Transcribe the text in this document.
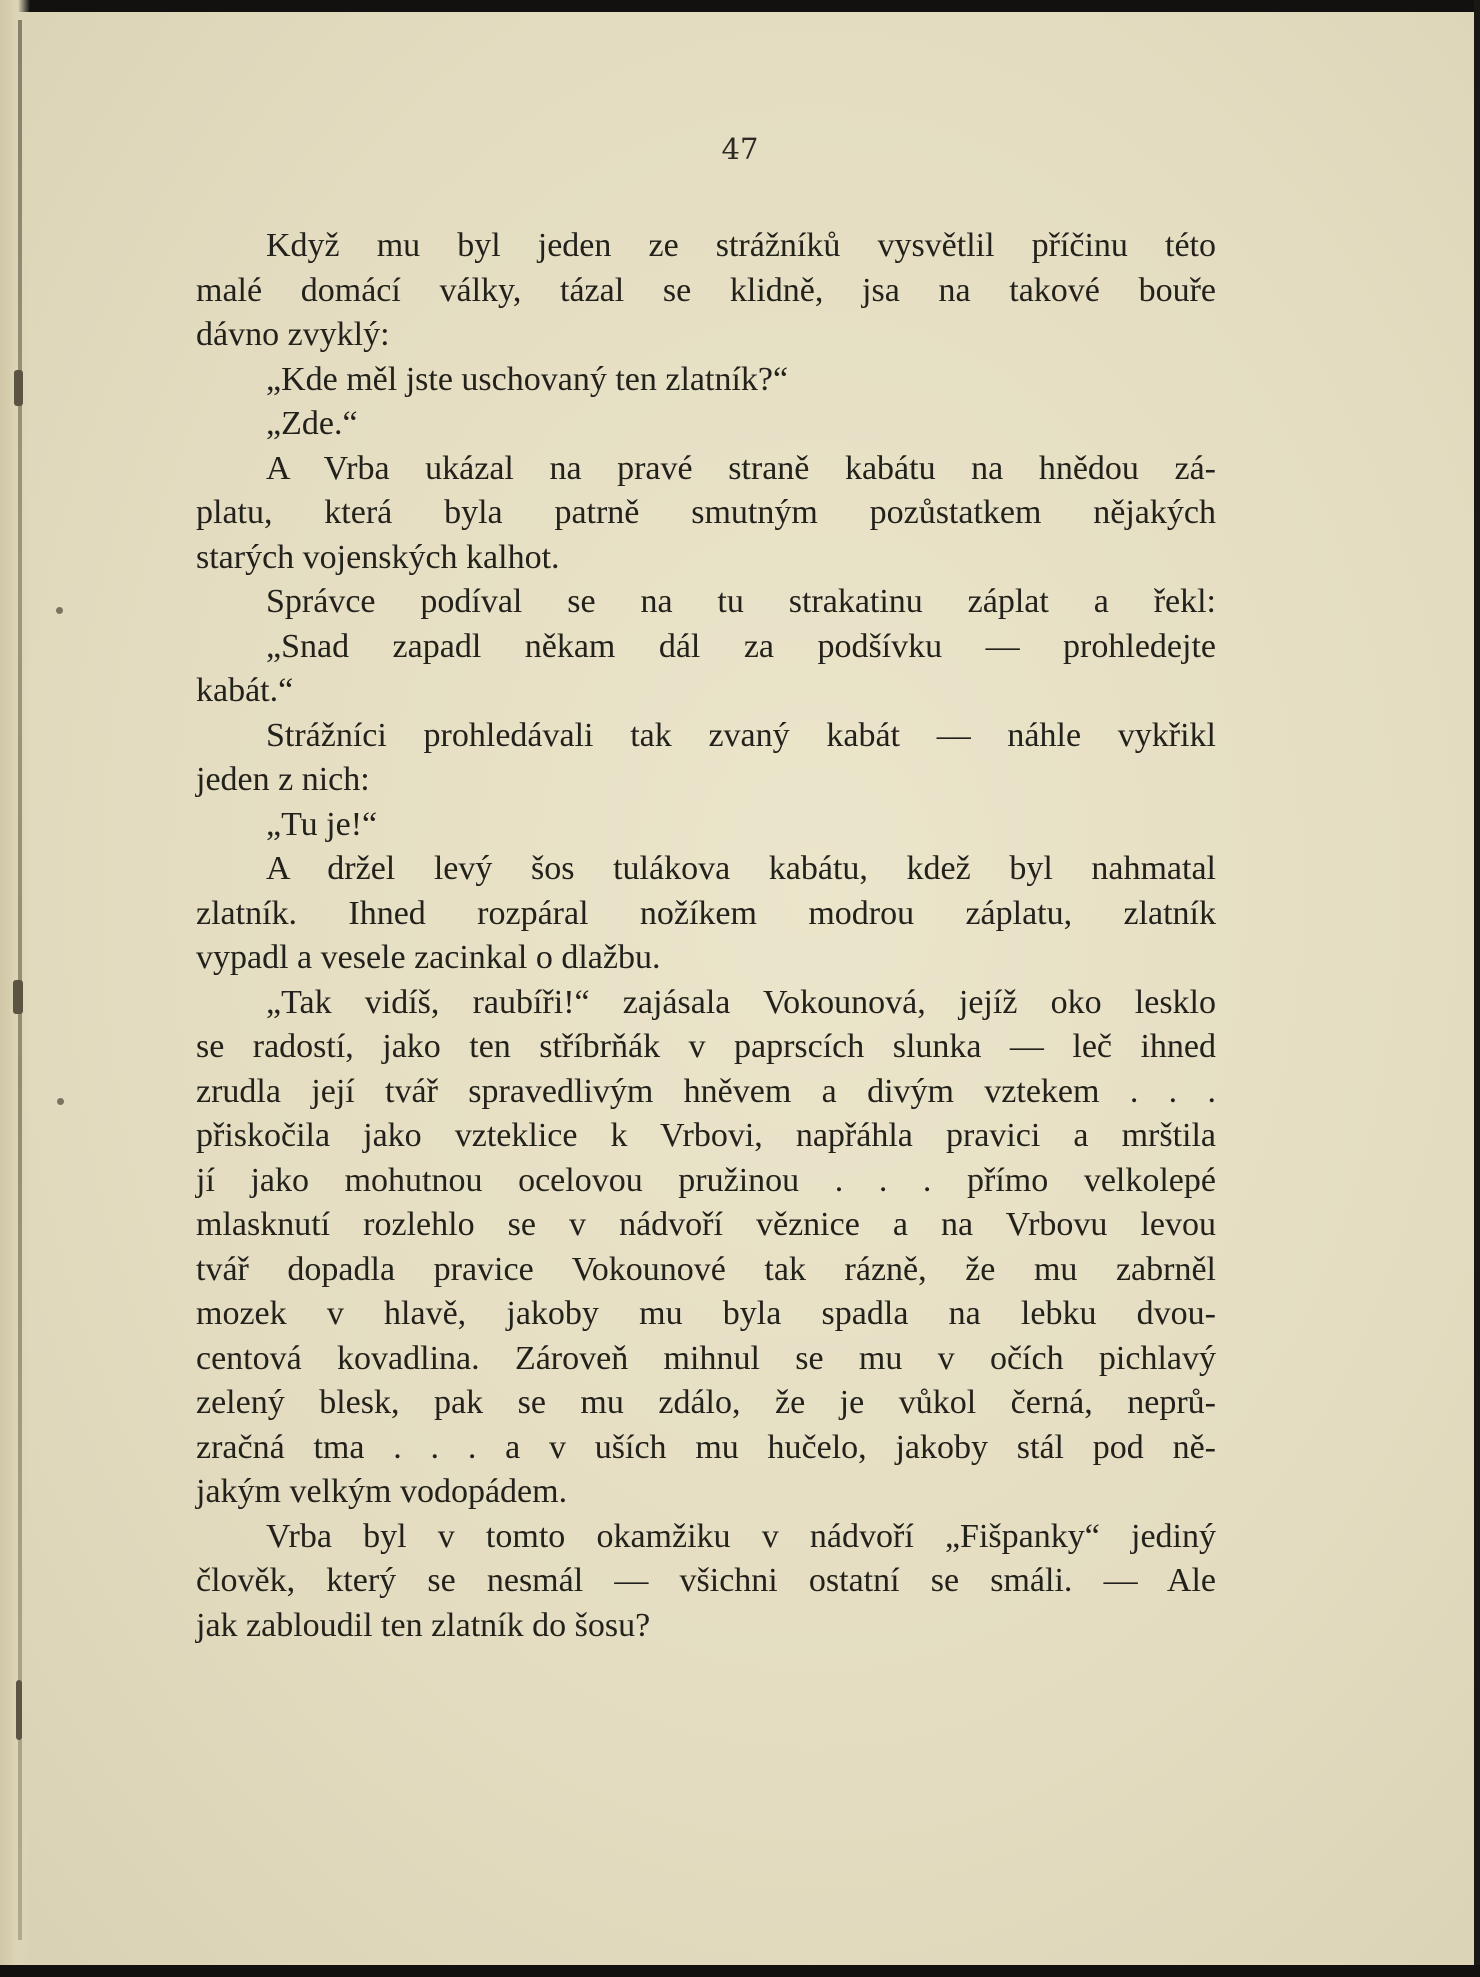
47
Když mu byl jeden ze strážníků vysvětlil příčinu této
malé domácí války, tázal se klidně, jsa na takové bouře
dávno zvyklý:
„Kde měl jste uschovaný ten zlatník?“
„Zde.“
A Vrba ukázal na pravé straně kabátu na hnědou zá-
platu, která byla patrně smutným pozůstatkem nějakých
starých vojenských kalhot.
Správce podíval se na tu strakatinu záplat a řekl:
„Snad zapadl někam dál za podšívku — prohledejte
kabát.“
Strážníci prohledávali tak zvaný kabát — náhle vykřikl
jeden z nich:
„Tu je!“
A držel levý šos tulákova kabátu, kdež byl nahmatal
zlatník. Ihned rozpáral nožíkem modrou záplatu, zlatník
vypadl a vesele zacinkal o dlažbu.
„Tak vidíš, raubíři!“ zajásala Vokounová, jejíž oko lesklo
se radostí, jako ten stříbrňák v paprscích slunka — leč ihned
zrudla její tvář spravedlivým hněvem a divým vztekem . . .
přiskočila jako vzteklice k Vrbovi, napřáhla pravici a mrštila
jí jako mohutnou ocelovou pružinou . . . přímo velkolepé
mlasknutí rozlehlo se v nádvoří věznice a na Vrbovu levou
tvář dopadla pravice Vokounové tak rázně, že mu zabrněl
mozek v hlavě, jakoby mu byla spadla na lebku dvou-
centová kovadlina. Zároveň mihnul se mu v očích pichlavý
zelený blesk, pak se mu zdálo, že je vůkol černá, neprů-
zračná tma . . . a v uších mu hučelo, jakoby stál pod ně-
jakým velkým vodopádem.
Vrba byl v tomto okamžiku v nádvoří „Fišpanky“ jediný
člověk, který se nesmál — všichni ostatní se smáli. — Ale
jak zabloudil ten zlatník do šosu?
